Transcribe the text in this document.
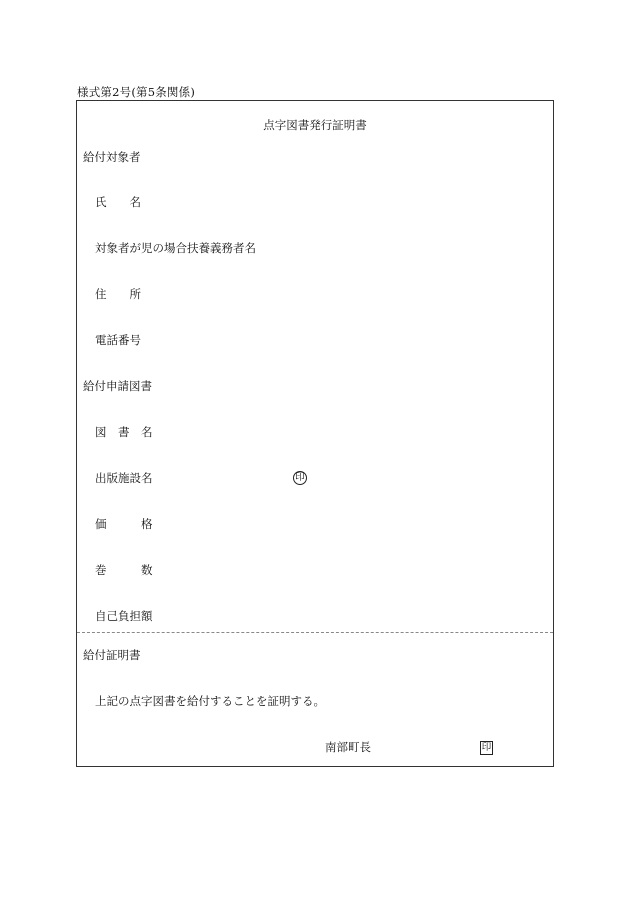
様式第2号(第5条関係)
点字図書発行証明書
給付対象者
氏　　名
対象者が児の場合扶養義務者名
住　　所
電話番号
給付申請図書
図　書　名
出版施設名	印
価　　　格
巻　　　数
自己負担額
給付証明書
上記の点字図書を給付することを証明する。
南部町長	印
